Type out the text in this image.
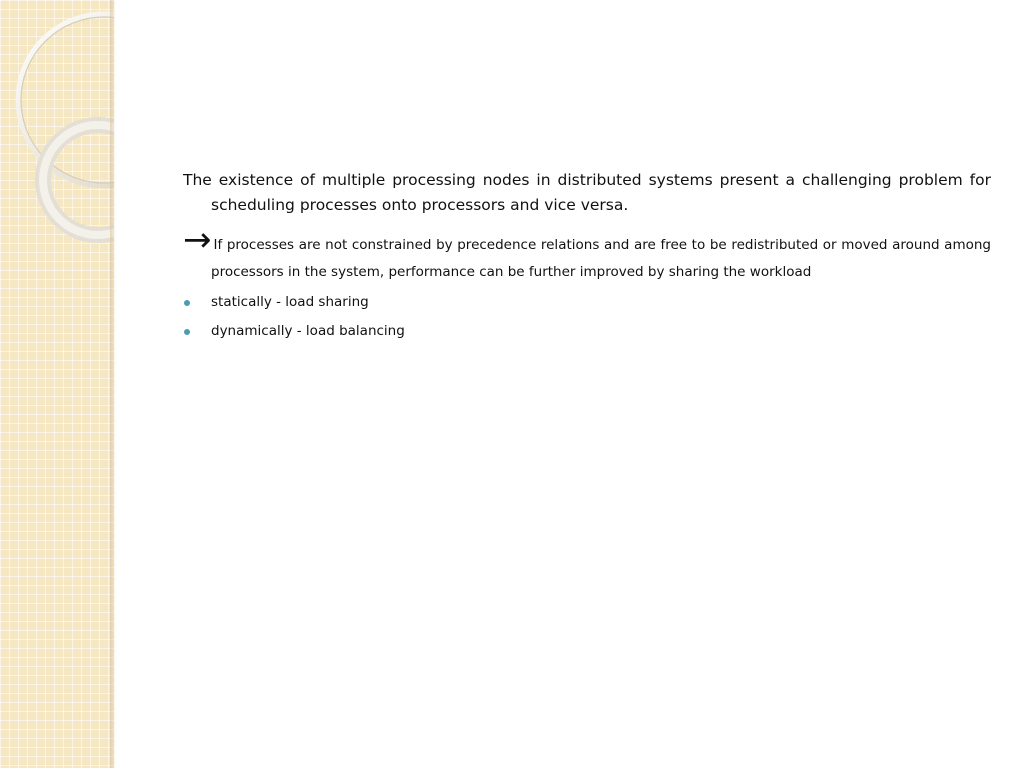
The existence of multiple processing nodes in distributed systems present a challenging problem for scheduling processes onto processors and vice versa.

→ If processes are not constrained by precedence relations and are free to be redistributed or moved around among processors in the system, performance can be further improved by sharing the workload

statically - load sharing
dynamically - load balancing
